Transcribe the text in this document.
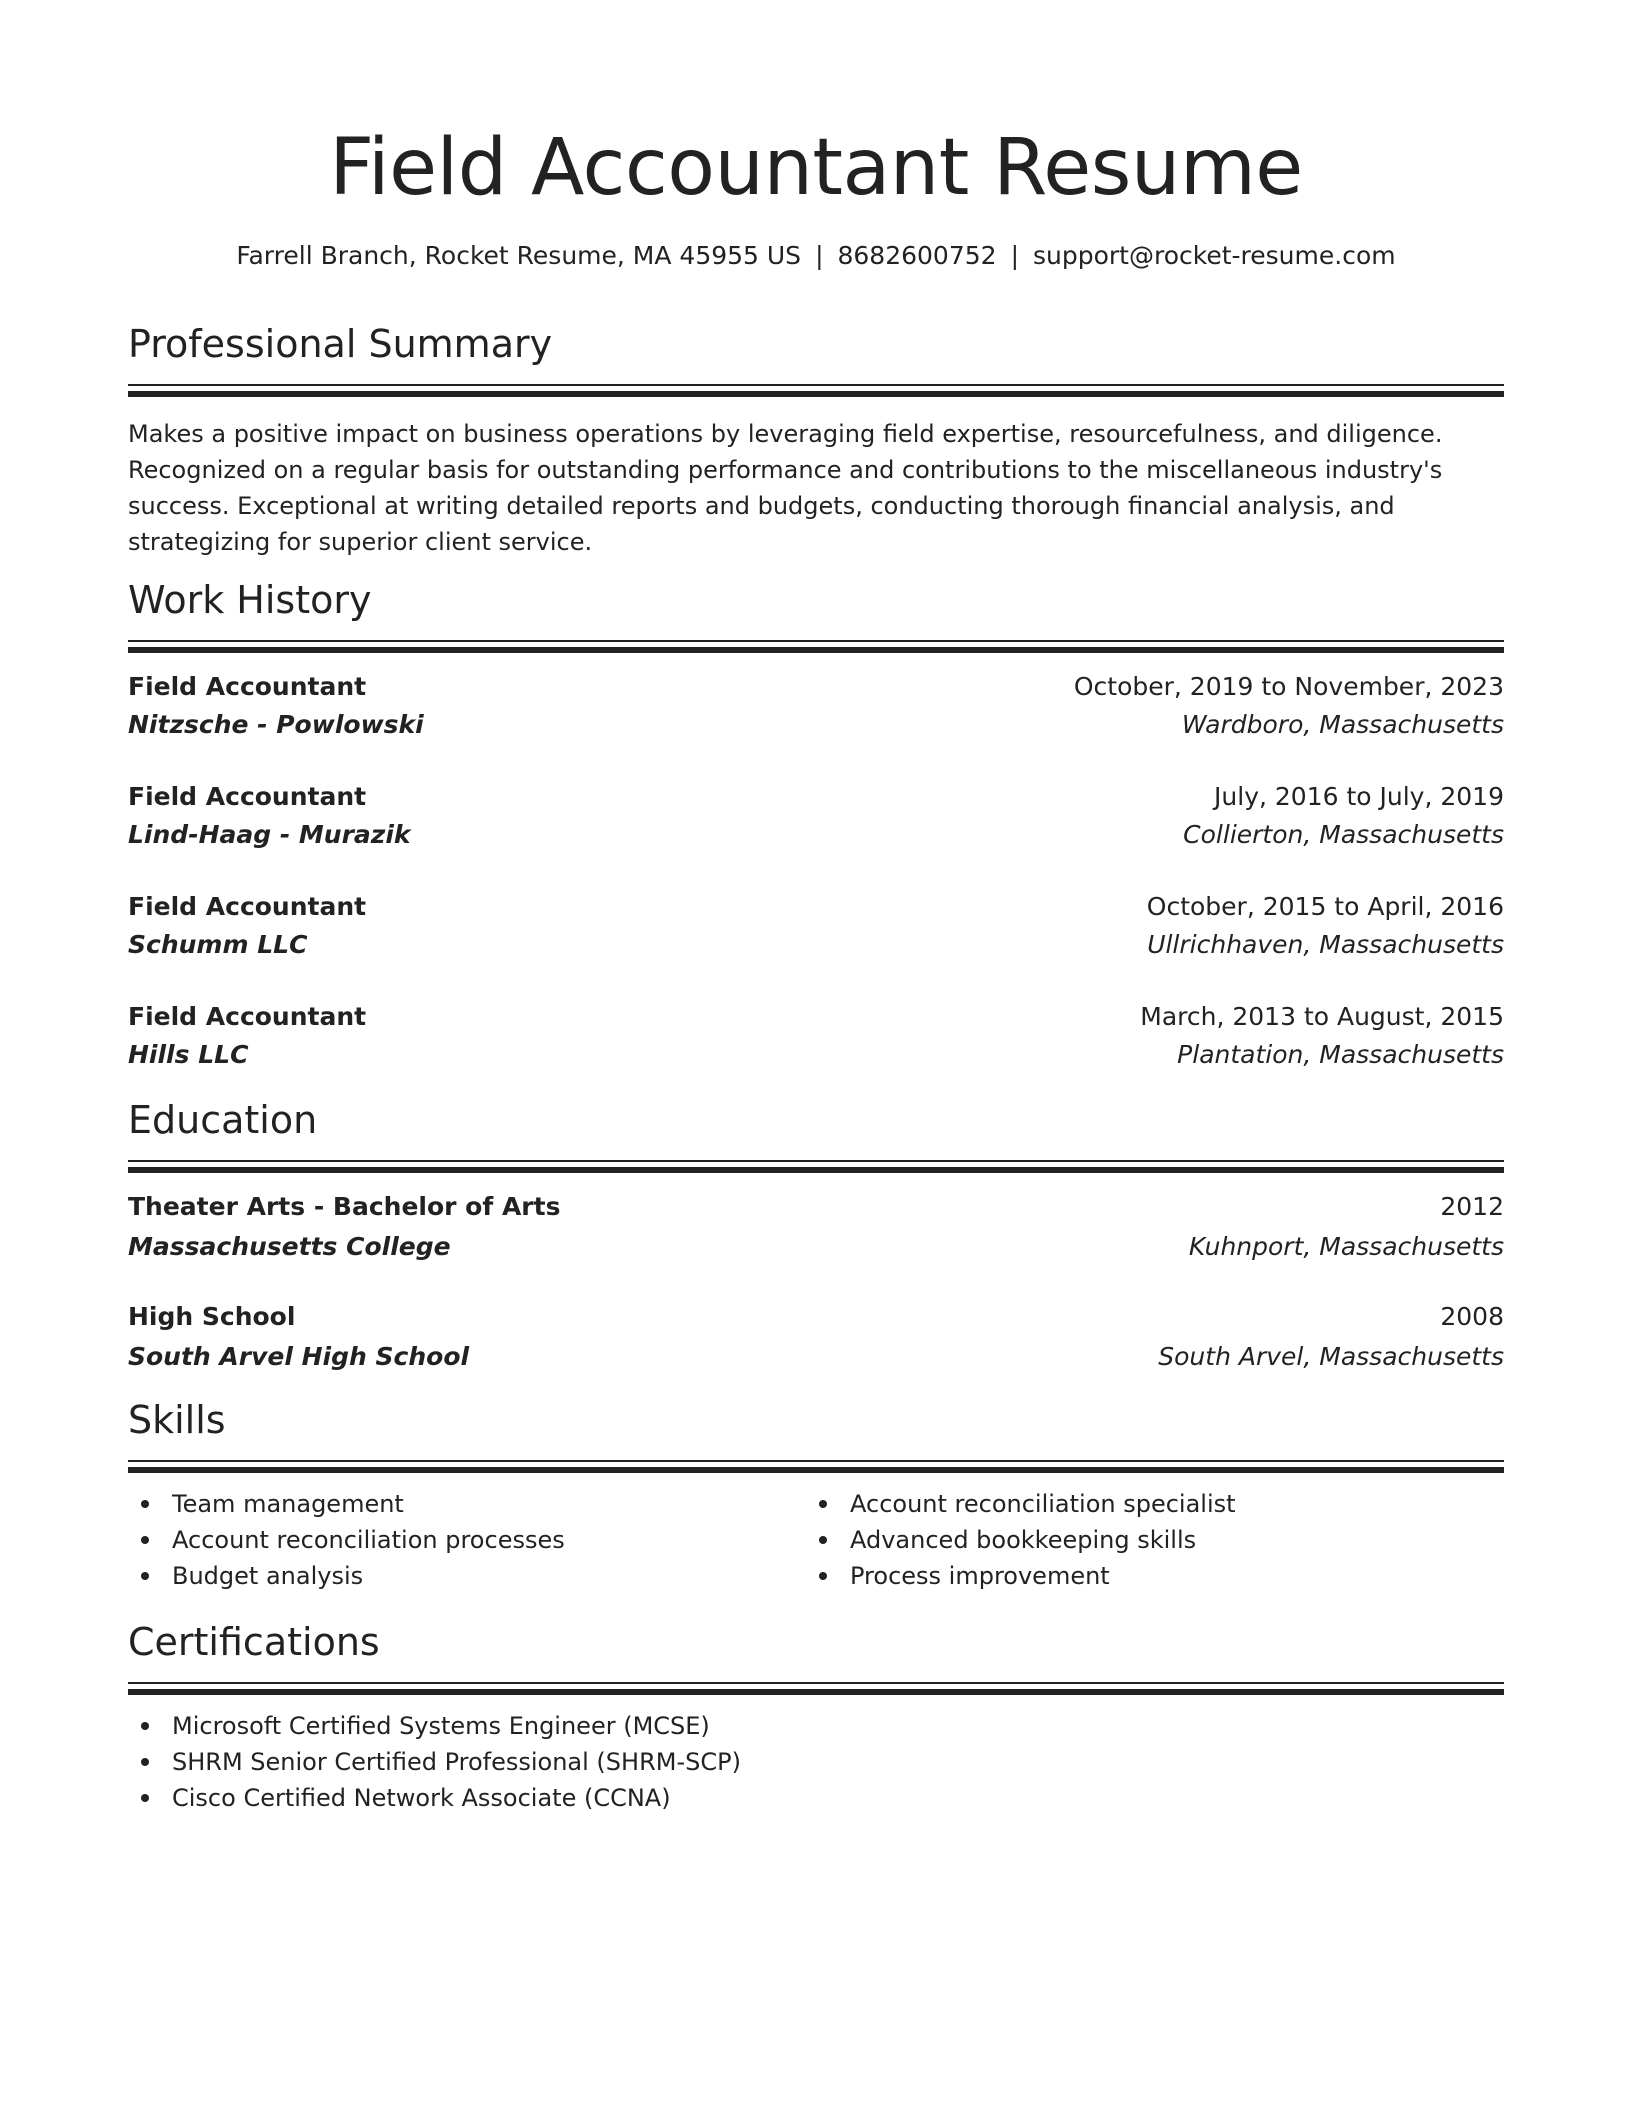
Field Accountant Resume
Farrell Branch, Rocket Resume, MA 45955 US | 8682600752 | support@rocket-resume.com
Professional Summary
Makes a positive impact on business operations by leveraging field expertise, resourcefulness, and diligence. Recognized on a regular basis for outstanding performance and contributions to the miscellaneous industry's success. Exceptional at writing detailed reports and budgets, conducting thorough financial analysis, and strategizing for superior client service.
Work History
Field Accountant
Nitzsche - Powlowski
October, 2019 to November, 2023
Wardboro, Massachusetts
Field Accountant
Lind-Haag - Murazik
July, 2016 to July, 2019
Collierton, Massachusetts
Field Accountant
Schumm LLC
October, 2015 to April, 2016
Ullrichhaven, Massachusetts
Field Accountant
Hills LLC
March, 2013 to August, 2015
Plantation, Massachusetts
Education
Theater Arts - Bachelor of Arts
Massachusetts College
2012
Kuhnport, Massachusetts
High School
South Arvel High School
2008
South Arvel, Massachusetts
Skills
Team management
Account reconciliation processes
Budget analysis
Account reconciliation specialist
Advanced bookkeeping skills
Process improvement
Certifications
Microsoft Certified Systems Engineer (MCSE)
SHRM Senior Certified Professional (SHRM-SCP)
Cisco Certified Network Associate (CCNA)
